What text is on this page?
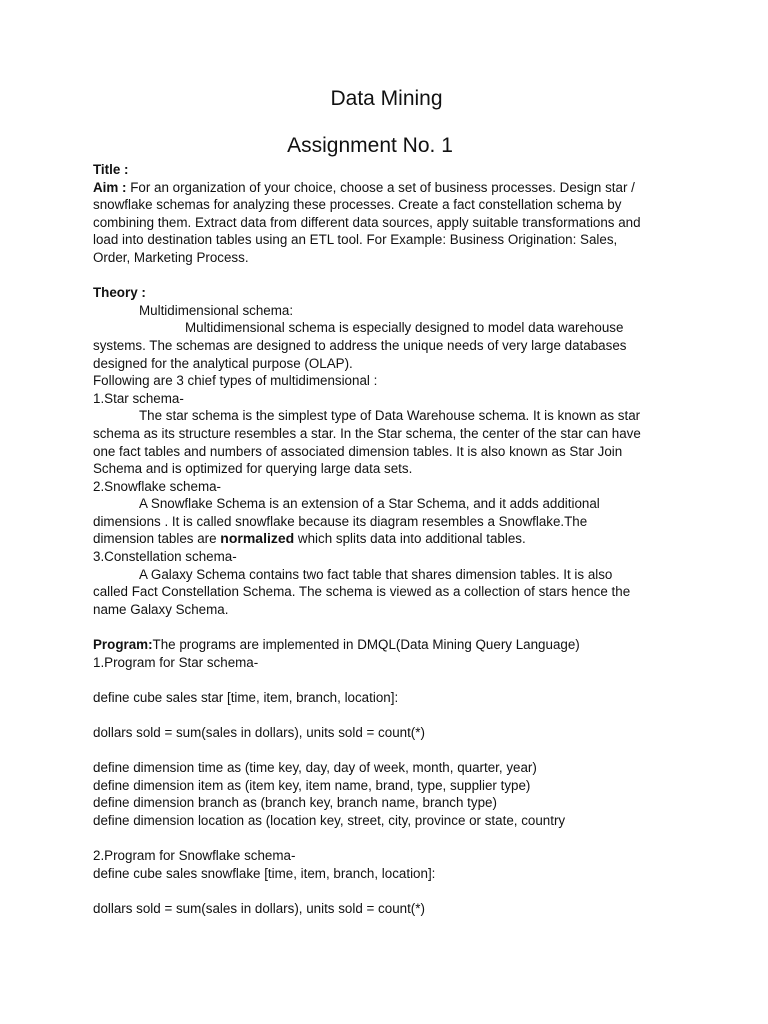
Data Mining
Assignment No. 1
Title :
Aim : For an organization of your choice, choose a set of business processes. Design star /
snowflake schemas for analyzing these processes. Create a fact constellation schema by
combining them. Extract data from different data sources, apply suitable transformations and
load into destination tables using an ETL tool. For Example: Business Origination: Sales,
Order, Marketing Process.
Theory :
Multidimensional schema:
Multidimensional schema is especially designed to model data warehouse
systems. The schemas are designed to address the unique needs of very large databases
designed for the analytical purpose (OLAP).
Following are 3 chief types of multidimensional :
1.Star schema-
The star schema is the simplest type of Data Warehouse schema. It is known as star
schema as its structure resembles a star. In the Star schema, the center of the star can have
one fact tables and numbers of associated dimension tables. It is also known as Star Join
Schema and is optimized for querying large data sets.
2.Snowflake schema-
A Snowflake Schema is an extension of a Star Schema, and it adds additional
dimensions . It is called snowflake because its diagram resembles a Snowflake.The
dimension tables are normalized which splits data into additional tables.
3.Constellation schema-
A Galaxy Schema contains two fact table that shares dimension tables. It is also
called Fact Constellation Schema. The schema is viewed as a collection of stars hence the
name Galaxy Schema.
Program:The programs are implemented in DMQL(Data Mining Query Language)
1.Program for Star schema-
define cube sales star [time, item, branch, location]:
dollars sold = sum(sales in dollars), units sold = count(*)
define dimension time as (time key, day, day of week, month, quarter, year)
define dimension item as (item key, item name, brand, type, supplier type)
define dimension branch as (branch key, branch name, branch type)
define dimension location as (location key, street, city, province or state, country
2.Program for Snowflake schema-
define cube sales snowflake [time, item, branch, location]:
dollars sold = sum(sales in dollars), units sold = count(*)
